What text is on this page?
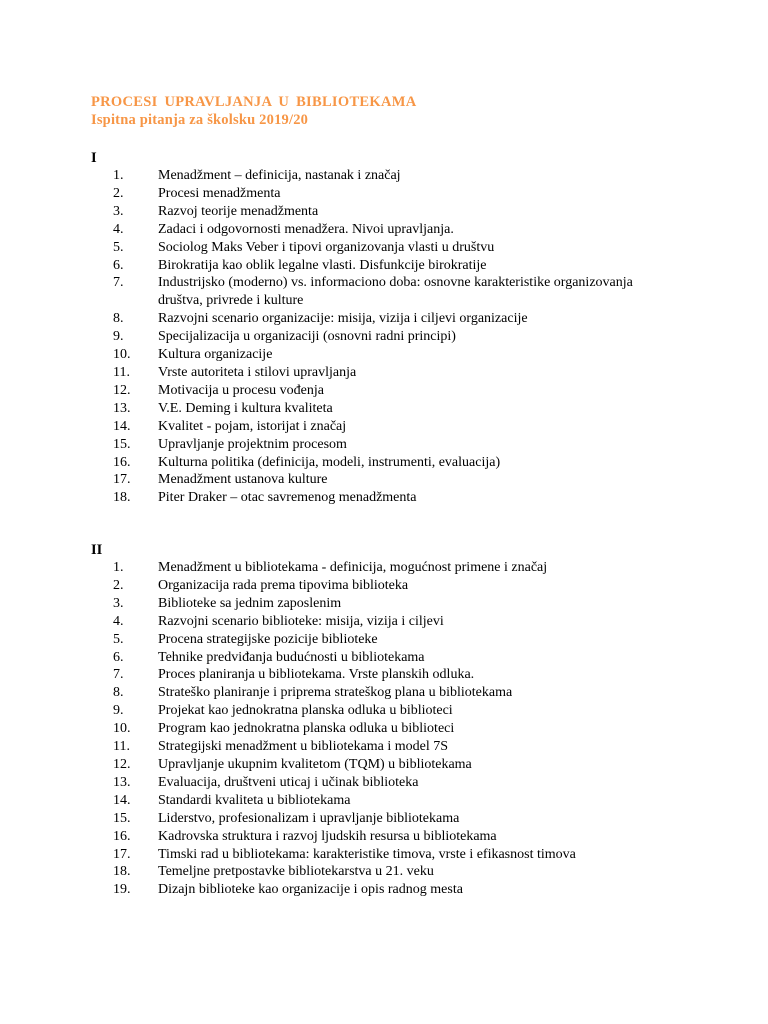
PROCESI UPRAVLJANJA U BIBLIOTEKAMA
Ispitna pitanja za školsku 2019/20
I
1.	Menadžment – definicija, nastanak i značaj
2.	Procesi menadžmenta
3.	Razvoj teorije menadžmenta
4.	Zadaci i odgovornosti menadžera. Nivoi upravljanja.
5.	Sociolog Maks Veber i tipovi organizovanja vlasti u društvu
6.	Birokratija kao oblik legalne vlasti. Disfunkcije birokratije
7.	Industrijsko (moderno) vs. informaciono doba: osnovne karakteristike organizovanja društva, privrede i kulture
8.	Razvojni scenario organizacije: misija, vizija i ciljevi organizacije
9.	Specijalizacija u organizaciji (osnovni radni principi)
10.	Kultura organizacije
11.	Vrste autoriteta i stilovi upravljanja
12.	Motivacija u procesu vođenja
13.	V.E. Deming i kultura kvaliteta
14.	Kvalitet - pojam, istorijat i značaj
15.	Upravljanje projektnim procesom
16.	Kulturna politika (definicija, modeli, instrumenti, evaluacija)
17.	Menadžment ustanova kulture
18.	Piter Draker – otac savremenog menadžmenta
II
1.	Menadžment u bibliotekama - definicija, mogućnost primene i značaj
2.	Organizacija rada prema tipovima biblioteka
3.	Biblioteke sa jednim zaposlenim
4.	Razvojni scenario biblioteke: misija, vizija i ciljevi
5.	Procena strategijske pozicije biblioteke
6.	Tehnike predviđanja budućnosti u bibliotekama
7.	Proces planiranja u bibliotekama. Vrste planskih odluka.
8.	Strateško planiranje i priprema strateškog plana u bibliotekama
9.	Projekat kao jednokratna planska odluka u biblioteci
10.	Program kao jednokratna planska odluka u biblioteci
11.	Strategijski menadžment u bibliotekama i model 7S
12.	Upravljanje ukupnim kvalitetom (TQM) u bibliotekama
13.	Evaluacija, društveni uticaj i učinak biblioteka
14.	Standardi kvaliteta u bibliotekama
15.	Liderstvo, profesionalizam i upravljanje bibliotekama
16.	Kadrovska struktura i razvoj ljudskih resursa u bibliotekama
17.	Timski rad u bibliotekama: karakteristike timova, vrste i efikasnost timova
18.	Temeljne pretpostavke bibliotekarstva u 21. veku
19.	Dizajn biblioteke kao organizacije i opis radnog mesta
